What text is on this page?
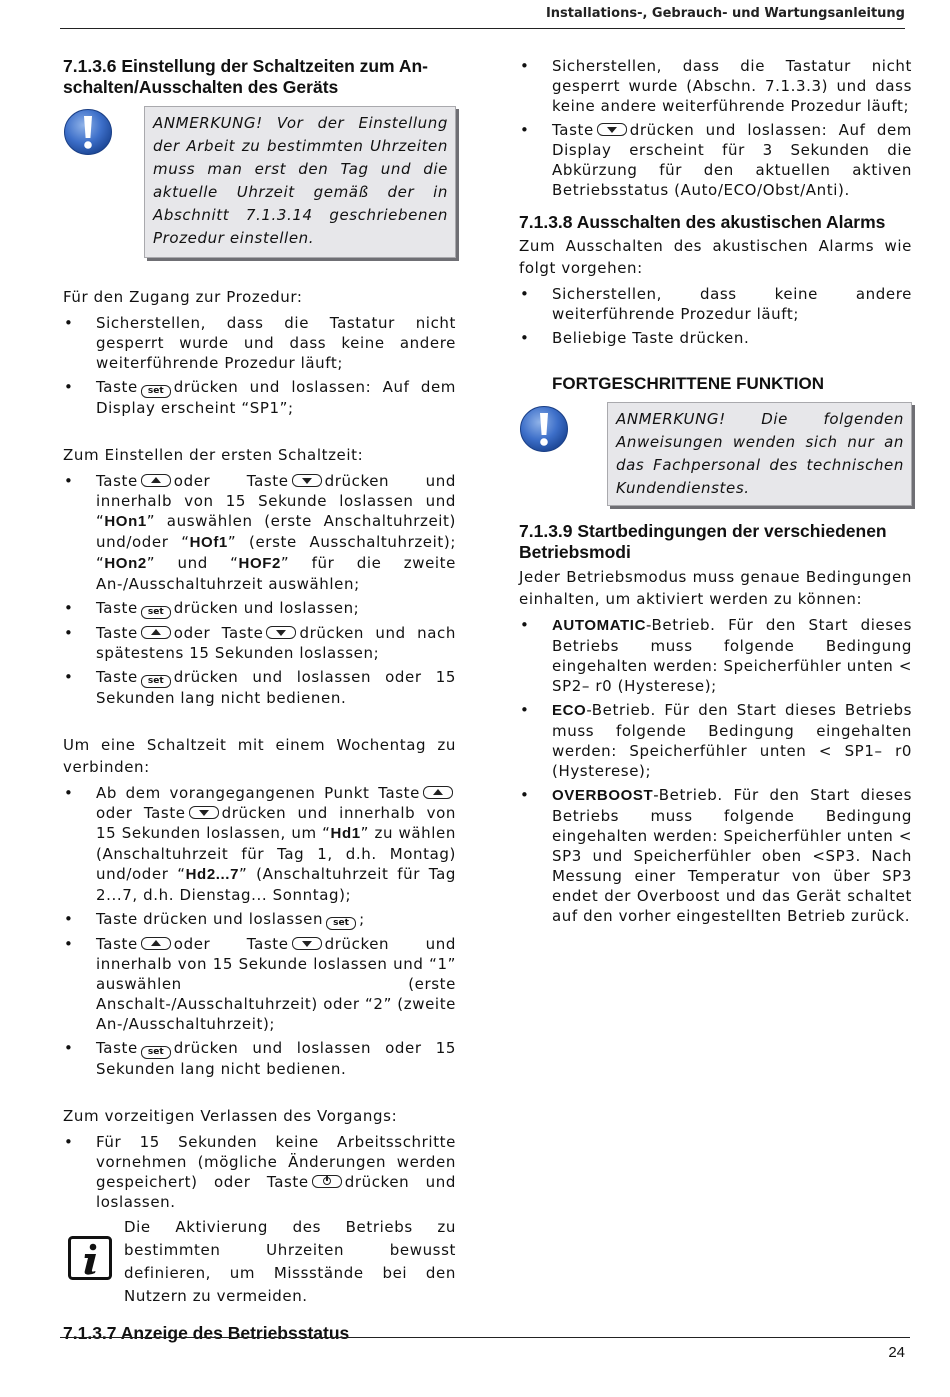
Installations-, Gebrauch- und Wartungsanleitung
7.1.3.6 Einstellung der Schaltzeiten zum An-schalten/Ausschalten des Geräts
ANMERKUNG! Vor der Einstellung der Arbeit zu bestimmten Uhrzeiten muss man erst den Tag und die aktuelle Uhrzeit gemäß der in Abschnitt 7.1.3.14 geschriebenen Prozedur einstellen.

Für den Zugang zur Prozedur:

• Sicherstellen, dass die Tastatur nicht gesperrt wurde und dass keine andere weiterführende Prozedur läuft;
• Taste set drücken und loslassen: Auf dem Display erscheint “SP1”;

Zum Einstellen der ersten Schaltzeit:

• Taste oder Taste drücken und innerhalb von 15 Sekunde loslassen und “HOn1” auswählen (erste Anschaltuhrzeit) und/oder “HOf1” (erste Ausschaltuhrzeit); “HOn2” und “HOF2” für die zweite An-/Ausschaltuhrzeit auswählen;
• Taste set drücken und loslassen;
• Taste oder Taste drücken und nach spätestens 15 Sekunden loslassen;
• Taste set drücken und loslassen oder 15 Sekunden lang nicht bedienen.

Um eine Schaltzeit mit einem Wochentag zu verbinden:

• Ab dem vorangegangenen Punkt Tasteoder Taste drücken und innerhalb von 15 Sekunden loslassen, um “Hd1” zu wählen (Anschaltuhrzeit für Tag 1, d.h. Montag) und/oder “Hd2...7” (Anschaltuhrzeit für Tag 2...7, d.h. Dienstag... Sonntag);
• Taste drücken und loslassen set ;
• Taste oder Taste drücken und innerhalb von 15 Sekunde loslassen und “1” auswählen (erste Anschalt-/Ausschaltuhrzeit) oder “2” (zweite An-/Ausschaltuhrzeit);
• Taste set drücken und loslassen oder 15 Sekunden lang nicht bedienen.

Zum vorzeitigen Verlassen des Vorgangs:

• Für 15 Sekunden keine Arbeitsschritte vornehmen (mögliche Änderungen werden gespeichert) oder Taste drücken und loslassen.
Die Aktivierung des Betriebs zu bestimmten Uhrzeiten bewusst definieren, um Missstände bei den Nutzern zu vermeiden.
7.1.3.7 Anzeige des Betriebsstatus
• Sicherstellen, dass die Tastatur nicht gesperrt wurde (Abschn. 7.1.3.3) und dass keine andere weiterführende Prozedur läuft;
• Taste drücken und loslassen: Auf dem Display erscheint für 3 Sekunden die Abkürzung für den aktuellen aktiven Betriebsstatus (Auto/ECO/Obst/Anti).
7.1.3.8 Ausschalten des akustischen Alarms

Zum Ausschalten des akustischen Alarms wie folgt vorgehen:

• Sicherstellen, dass keine andere weiterführende Prozedur läuft;
• Beliebige Taste drücken.
FORTGESCHRITTENE FUNKTION
ANMERKUNG! Die folgenden Anweisungen wenden sich nur an das Fachpersonal des technischen Kundendienstes.
7.1.3.9 Startbedingungen der verschiedenen Betriebsmodi

Jeder Betriebsmodus muss genaue Bedingungen einhalten, um aktiviert werden zu können:

• AUTOMATIC-Betrieb. Für den Start dieses Betriebs muss folgende Bedingung eingehalten werden: Speicherfühler unten < SP2– r0 (Hysterese);
• ECO-Betrieb. Für den Start dieses Betriebs muss folgende Bedingung eingehalten werden: Speicherfühler unten < SP1– r0 (Hysterese);
• OVERBOOST-Betrieb. Für den Start dieses Betriebs muss folgende Bedingung eingehalten werden: Speicherfühler unten < SP3 und Speicherfühler oben <SP3. Nach Messung einer Temperatur von über SP3 endet der Overboost und das Gerät schaltet auf den vorher eingestellten Betrieb zurück.
24
